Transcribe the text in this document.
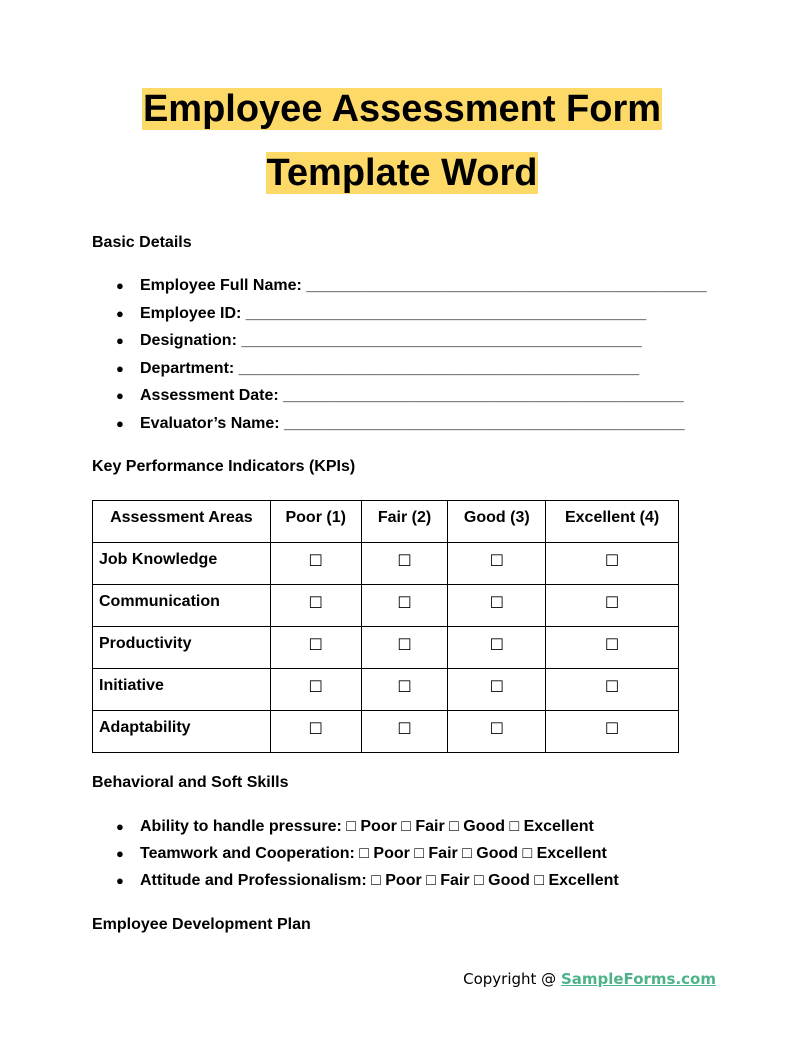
Employee Assessment Form
Template Word
Basic Details
● Employee Full Name: _____________________________________________
● Employee ID: _____________________________________________
● Designation: _____________________________________________
● Department: _____________________________________________
● Assessment Date: _____________________________________________
● Evaluator’s Name: _____________________________________________
Key Performance Indicators (KPIs)
Assessment Areas	Poor (1)	Fair (2)	Good (3)	Excellent (4)
Job Knowledge	☐	☐	☐	☐
Communication	☐	☐	☐	☐
Productivity	☐	☐	☐	☐
Initiative	☐	☐	☐	☐
Adaptability	☐	☐	☐	☐
Behavioral and Soft Skills
● Ability to handle pressure: □ Poor □ Fair □ Good □ Excellent
● Teamwork and Cooperation: □ Poor □ Fair □ Good □ Excellent
● Attitude and Professionalism: □ Poor □ Fair □ Good □ Excellent
Employee Development Plan
Copyright @ SampleForms.com
